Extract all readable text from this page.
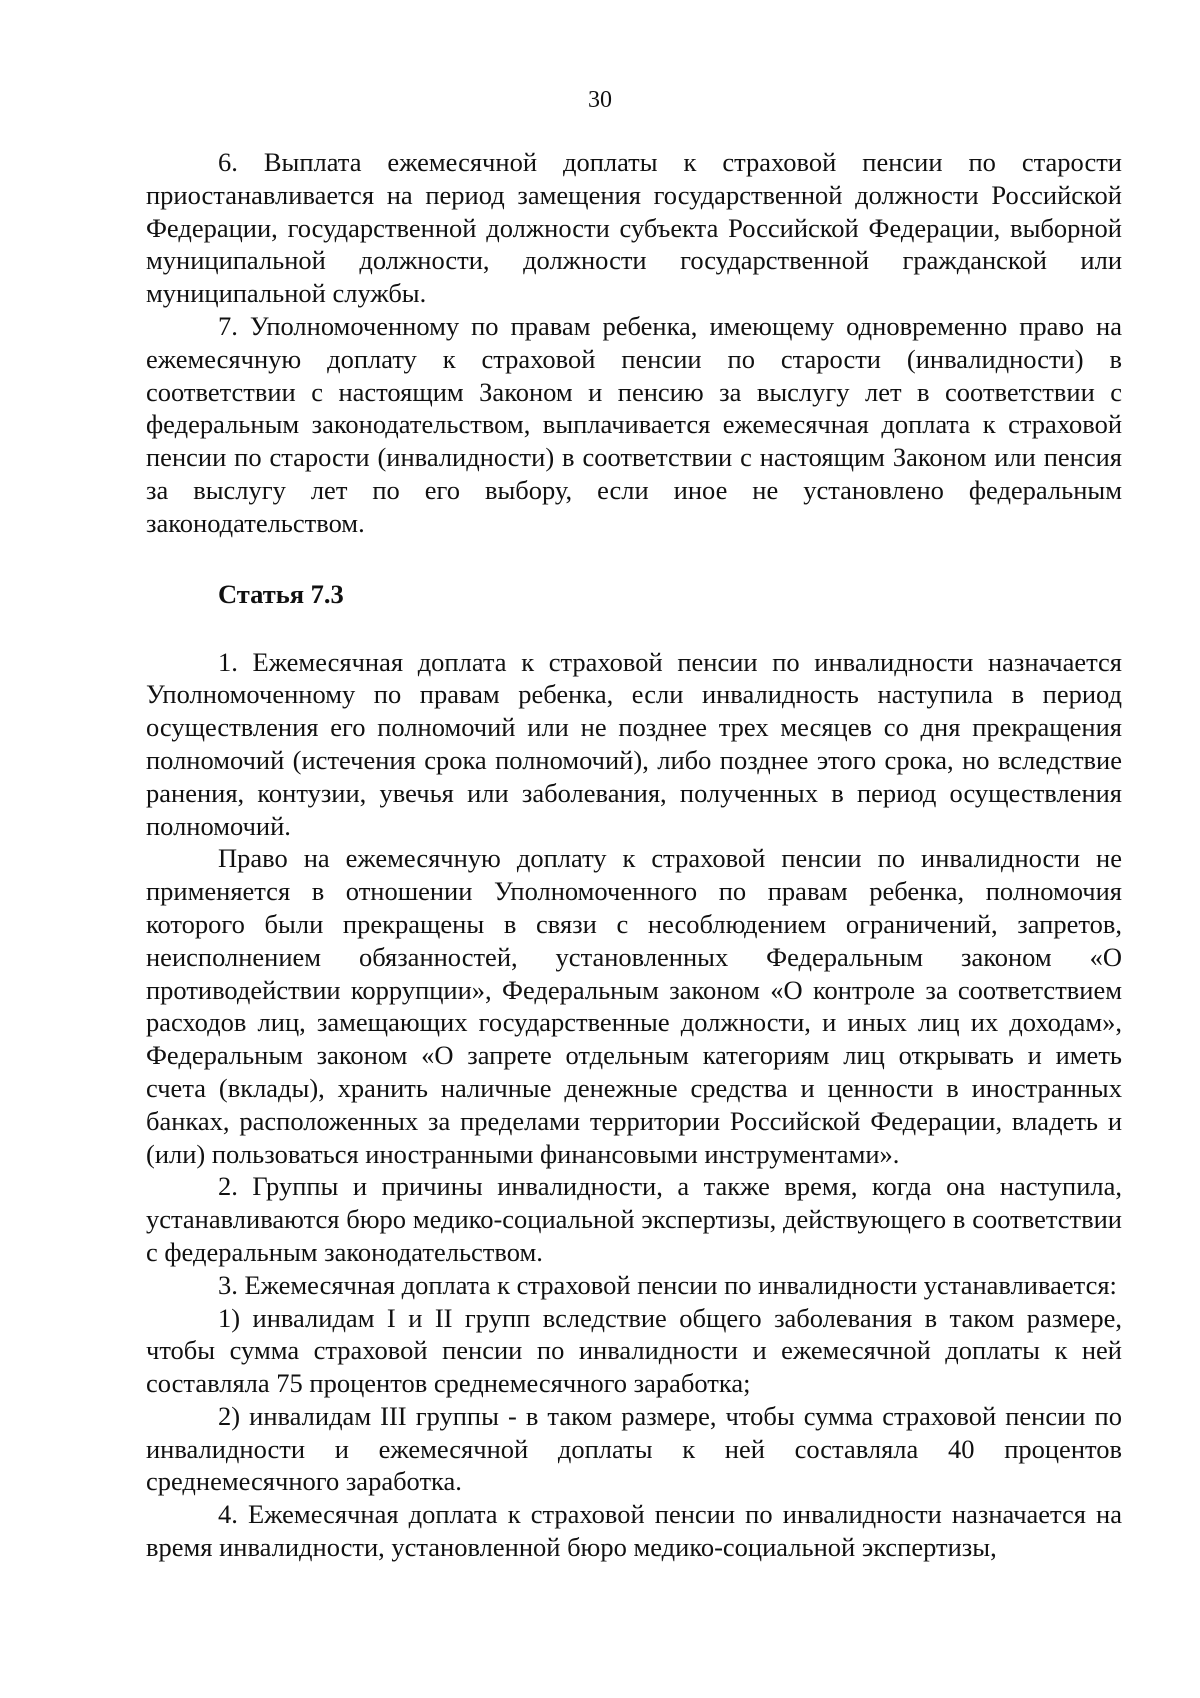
30

6. Выплата ежемесячной доплаты к страховой пенсии по старости приостанавливается на период замещения государственной должности Российской Федерации, государственной должности субъекта Российской Федерации, выборной муниципальной должности, должности государственной гражданской или муниципальной службы.

7. Уполномоченному по правам ребенка, имеющему одновременно право на ежемесячную доплату к страховой пенсии по старости (инвалидности) в соответствии с настоящим Законом и пенсию за выслугу лет в соответствии с федеральным законодательством, выплачивается ежемесячная доплата к страховой пенсии по старости (инвалидности) в соответствии с настоящим Законом или пенсия за выслугу лет по его выбору, если иное не установлено федеральным законодательством.

Статья 7.3

1. Ежемесячная доплата к страховой пенсии по инвалидности назначается Уполномоченному по правам ребенка, если инвалидность наступила в период осуществления его полномочий или не позднее трех месяцев со дня прекращения полномочий (истечения срока полномочий), либо позднее этого срока, но вследствие ранения, контузии, увечья или заболевания, полученных в период осуществления полномочий.

Право на ежемесячную доплату к страховой пенсии по инвалидности не применяется в отношении Уполномоченного по правам ребенка, полномочия которого были прекращены в связи с несоблюдением ограничений, запретов, неисполнением обязанностей, установленных Федеральным законом «О противодействии коррупции», Федеральным законом «О контроле за соответствием расходов лиц, замещающих государственные должности, и иных лиц их доходам», Федеральным законом «О запрете отдельным категориям лиц открывать и иметь счета (вклады), хранить наличные денежные средства и ценности в иностранных банках, расположенных за пределами территории Российской Федерации, владеть и (или) пользоваться иностранными финансовыми инструментами».

2. Группы и причины инвалидности, а также время, когда она наступила, устанавливаются бюро медико-социальной экспертизы, действующего в соответствии с федеральным законодательством.

3. Ежемесячная доплата к страховой пенсии по инвалидности устанавливается:

1) инвалидам I и II групп вследствие общего заболевания в таком размере, чтобы сумма страховой пенсии по инвалидности и ежемесячной доплаты к ней составляла 75 процентов среднемесячного заработка;

2) инвалидам III группы - в таком размере, чтобы сумма страховой пенсии по инвалидности и ежемесячной доплаты к ней составляла 40 процентов среднемесячного заработка.

4. Ежемесячная доплата к страховой пенсии по инвалидности назначается на время инвалидности, установленной бюро медико-социальной экспертизы,
